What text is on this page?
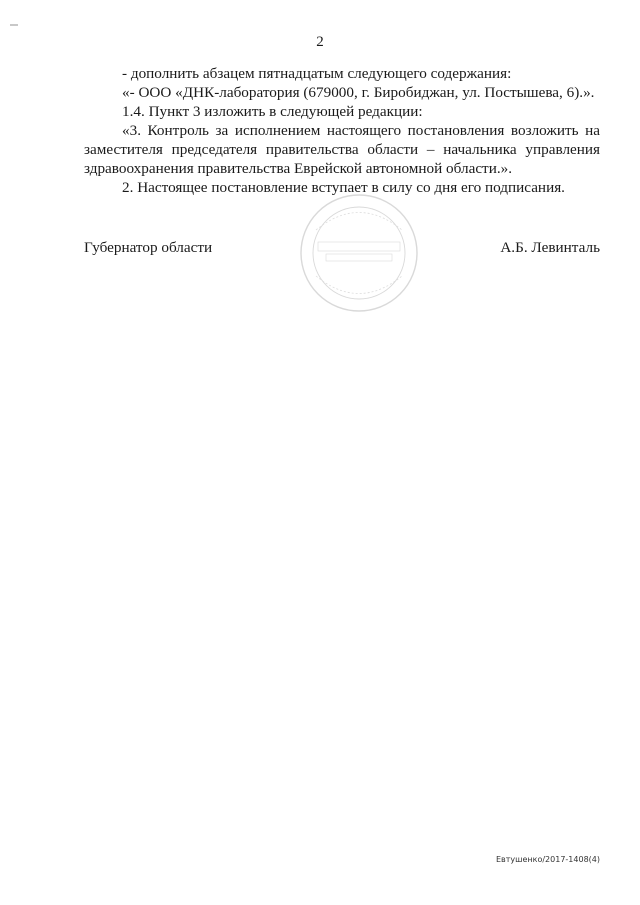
2
- дополнить абзацем пятнадцатым следующего содержания:
«- ООО «ДНК-лаборатория (679000, г. Биробиджан, ул. Постышева, 6).».
1.4. Пункт 3 изложить в следующей редакции:
«3. Контроль за исполнением настоящего постановления возложить на
заместителя председателя правительства области – начальника управления
здравоохранения правительства Еврейской автономной области.».
2. Настоящее постановление вступает в силу со дня его подписания.
Губернатор области	А.Б. Левинталь
Евтушенко/2017-1408(4)
